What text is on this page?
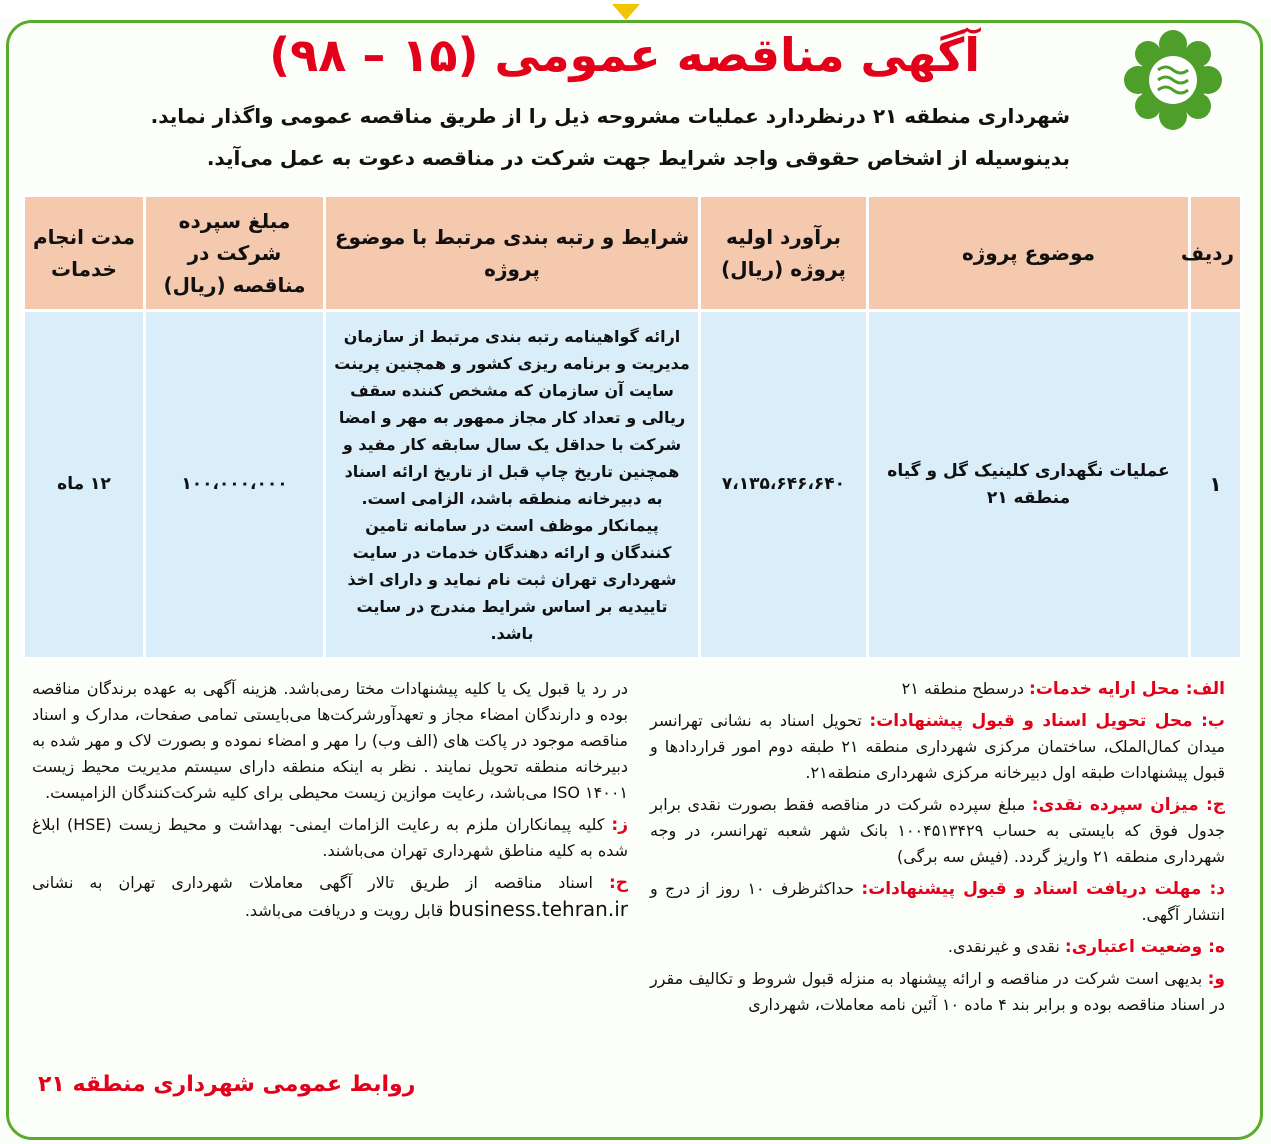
آگهی مناقصه عمومی (۱۵ – ۹۸)
شهرداری منطقه ۲۱ درنظردارد عملیات مشروحه ذیل را از طریق مناقصه عمومی واگذار نماید.
بدینوسیله از اشخاص حقوقی واجد شرایط جهت شرکت در مناقصه دعوت به عمل می‌آید.
ردیف	موضوع پروژه	برآورد اولیه پروژه (ریال)	شرایط و رتبه بندی مرتبط با موضوع پروژه	مبلغ سپرده شرکت در مناقصه (ریال)	مدت انجام خدمات
۱	عملیات نگهداری کلینیک گل و گیاه منطقه ۲۱	۷،۱۳۵،۶۴۶،۶۴۰	ارائه گواهینامه رتبه بندی مرتبط از سازمان مدیریت و برنامه ریزی کشور و همچنین پرینت سایت آن سازمان که مشخص کننده سقف ریالی و تعداد کار مجاز ممهور به مهر و امضا شرکت با حداقل یک سال سابقه کار مفید و همچنین تاریخ چاپ قبل از تاریخ ارائه اسناد به دبیرخانه منطقه باشد، الزامی است. پیمانکار موظف است در سامانه تامین کنندگان و ارائه دهندگان خدمات در سایت شهرداری تهران ثبت نام نماید و دارای اخذ تاییدیه بر اساس شرایط مندرج در سایت باشد.	۱۰۰،۰۰۰،۰۰۰	۱۲ ماه

الف: محل ارایه خدمات: درسطح منطقه ۲۱

ب: محل تحویل اسناد و قبول پیشنهادات: تحویل اسناد به نشانی تهرانسر میدان کمال‌الملک، ساختمان مرکزی شهرداری منطقه ۲۱ طبقه دوم امور قراردادها و قبول پیشنهادات طبقه اول دبیرخانه مرکزی شهرداری منطقه۲۱.

ج: میزان سپرده نقدی: مبلغ سپرده شرکت در مناقصه فقط بصورت نقدی برابر جدول فوق که بایستی به حساب ۱۰۰۴۵۱۳۴۲۹ بانک شهر شعبه تهرانسر، در وجه شهرداری منطقه ۲۱ واریز گردد. (فیش سه برگی)

د: مهلت دریافت اسناد و قبول پیشنهادات: حداکثرظرف ۱۰ روز از درج و انتشار آگهی.

ه: وضعیت اعتباری: نقدی و غیرنقدی.

و: بدیهی است شرکت در مناقصه و ارائه پیشنهاد به منزله قبول شروط و تکالیف مقرر در اسناد مناقصه بوده و برابر بند ۴ ماده ۱۰ آئین نامه معاملات، شهرداری

در رد یا قبول یک یا کلیه پیشنهادات مختا رمی‌باشد. هزینه آگهی به عهده برندگان مناقصه بوده و دارندگان امضاء مجاز و تعهدآورشرکت‌ها می‌بایستی تمامی صفحات، مدارک و اسناد مناقصه موجود در پاکت های (الف وب) را مهر و امضاء نموده و بصورت لاک و مهر شده به دبیرخانه منطقه تحویل نمایند . نظر به اینکه منطقه دارای سیستم مدیریت محیط زیست ۱۴۰۰۱ ISO می‌باشد، رعایت موازین زیست محیطی برای کلیه شرکت‌کنندگان الزامیست.

ز: کلیه پیمانکاران ملزم به رعایت الزامات ایمنی- بهداشت و محیط زیست (HSE) ابلاغ شده به کلیه مناطق شهرداری تهران می‌باشند.

ح: اسناد مناقصه از طریق تالار آگهی معاملات شهرداری تهران به نشانی business.tehran.ir قابل رویت و دریافت می‌باشد.

روابط عمومی شهرداری منطقه ۲۱
